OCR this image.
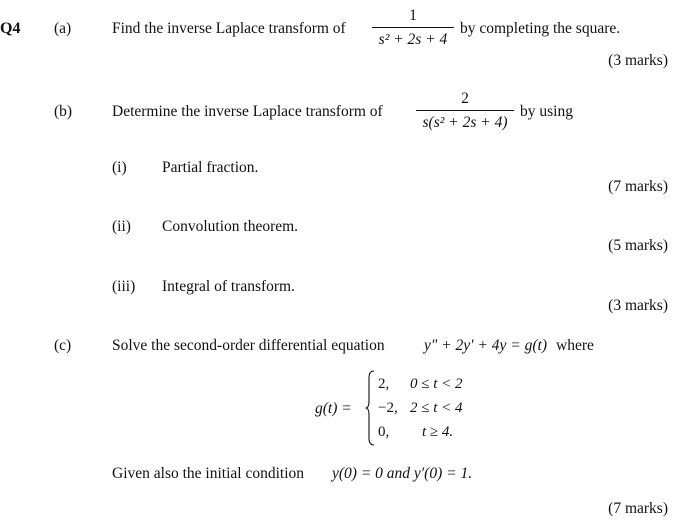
Q4 (a)	Find the inverse Laplace transform of
1
s² + 2s + 4
by completing the square.
(3 marks)
(b)	Determine the inverse Laplace transform of
2
s(s² + 2s + 4)
by using
(i) Partial fraction.
(7 marks)
(ii) Convolution theorem.
(5 marks)
(iii) Integral of transform.
(3 marks)
(c)	Solve the second-order differential equation	y″ + 2y′ + 4y = g(t) where
g(t) =
2,	0 ≤ t < 2
−2,	2 ≤ t < 4
0,	t ≥ 4.
Given also the initial condition y(0) = 0 and y′(0) = 1.
(7 marks)
